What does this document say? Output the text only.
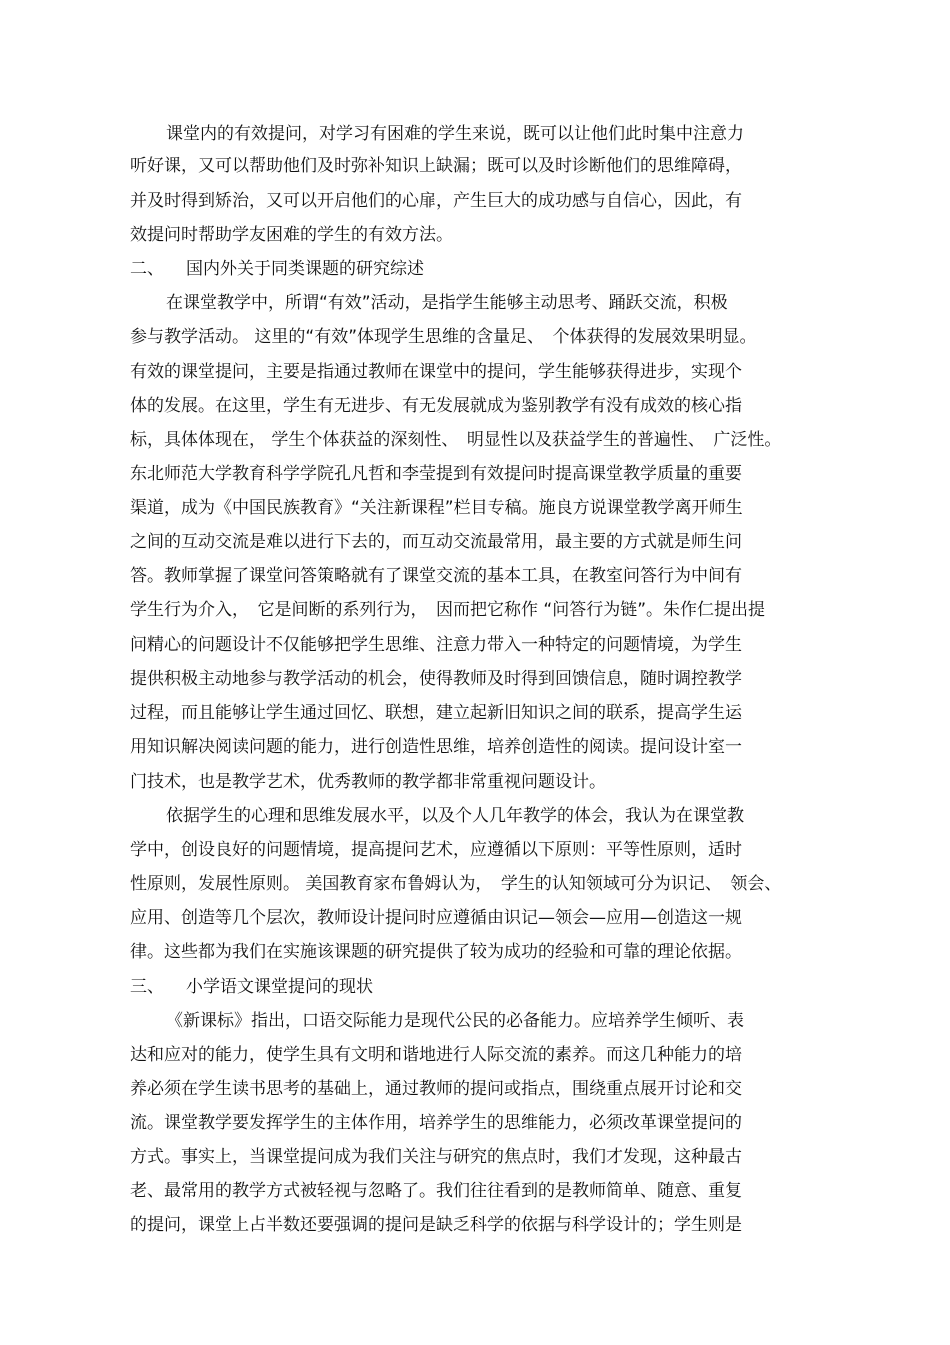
课堂内的有效提问，对学习有困难的学生来说，既可以让他们此时集中注意力
听好课，又可以帮助他们及时弥补知识上缺漏；既可以及时诊断他们的思维障碍，
并及时得到矫治，又可以开启他们的心扉，产生巨大的成功感与自信心，因此，有
效提问时帮助学友困难的学生的有效方法。
二、 国内外关于同类课题的研究综述
在课堂教学中，所谓“有效”活动，是指学生能够主动思考、踊跃交流，积极
参与教学活动。 这里的“有效”体现学生思维的含量足、　个体获得的发展效果明显。
有效的课堂提问，主要是指通过教师在课堂中的提问，学生能够获得进步，实现个
体的发展。在这里，学生有无进步、有无发展就成为鉴别教学有没有成效的核心指
标，具体体现在， 学生个体获益的深刻性、　明显性以及获益学生的普遍性、　广泛性。
东北师范大学教育科学学院孔凡哲和李莹提到有效提问时提高课堂教学质量的重要
渠道，成为《中国民族教育》“关注新课程”栏目专稿。施良方说课堂教学离开师生
之间的互动交流是难以进行下去的，而互动交流最常用，最主要的方式就是师生问
答。教师掌握了课堂问答策略就有了课堂交流的基本工具，在教室问答行为中间有
学生行为介入，　它是间断的系列行为，　因而把它称作 “问答行为链”。朱作仁提出提
问精心的问题设计不仅能够把学生思维、注意力带入一种特定的问题情境，为学生
提供积极主动地参与教学活动的机会，使得教师及时得到回馈信息，随时调控教学
过程，而且能够让学生通过回忆、联想，建立起新旧知识之间的联系，提高学生运
用知识解决阅读问题的能力，进行创造性思维，培养创造性的阅读。提问设计室一
门技术，也是教学艺术，优秀教师的教学都非常重视问题设计。
依据学生的心理和思维发展水平，以及个人几年教学的体会，我认为在课堂教
学中，创设良好的问题情境，提高提问艺术，应遵循以下原则：平等性原则，适时
性原则，发展性原则。 美国教育家布鲁姆认为，　学生的认知领域可分为识记、　领会、
应用、创造等几个层次，教师设计提问时应遵循由识记—领会—应用—创造这一规
律。这些都为我们在实施该课题的研究提供了较为成功的经验和可靠的理论依据。
三、 小学语文课堂提问的现状
《新课标》指出，口语交际能力是现代公民的必备能力。应培养学生倾听、表
达和应对的能力，使学生具有文明和谐地进行人际交流的素养。而这几种能力的培
养必须在学生读书思考的基础上，通过教师的提问或指点，围绕重点展开讨论和交
流。课堂教学要发挥学生的主体作用，培养学生的思维能力，必须改革课堂提问的
方式。事实上，当课堂提问成为我们关注与研究的焦点时，我们才发现，这种最古
老、最常用的教学方式被轻视与忽略了。我们往往看到的是教师简单、随意、重复
的提问，课堂上占半数还要强调的提问是缺乏科学的依据与科学设计的；学生则是
